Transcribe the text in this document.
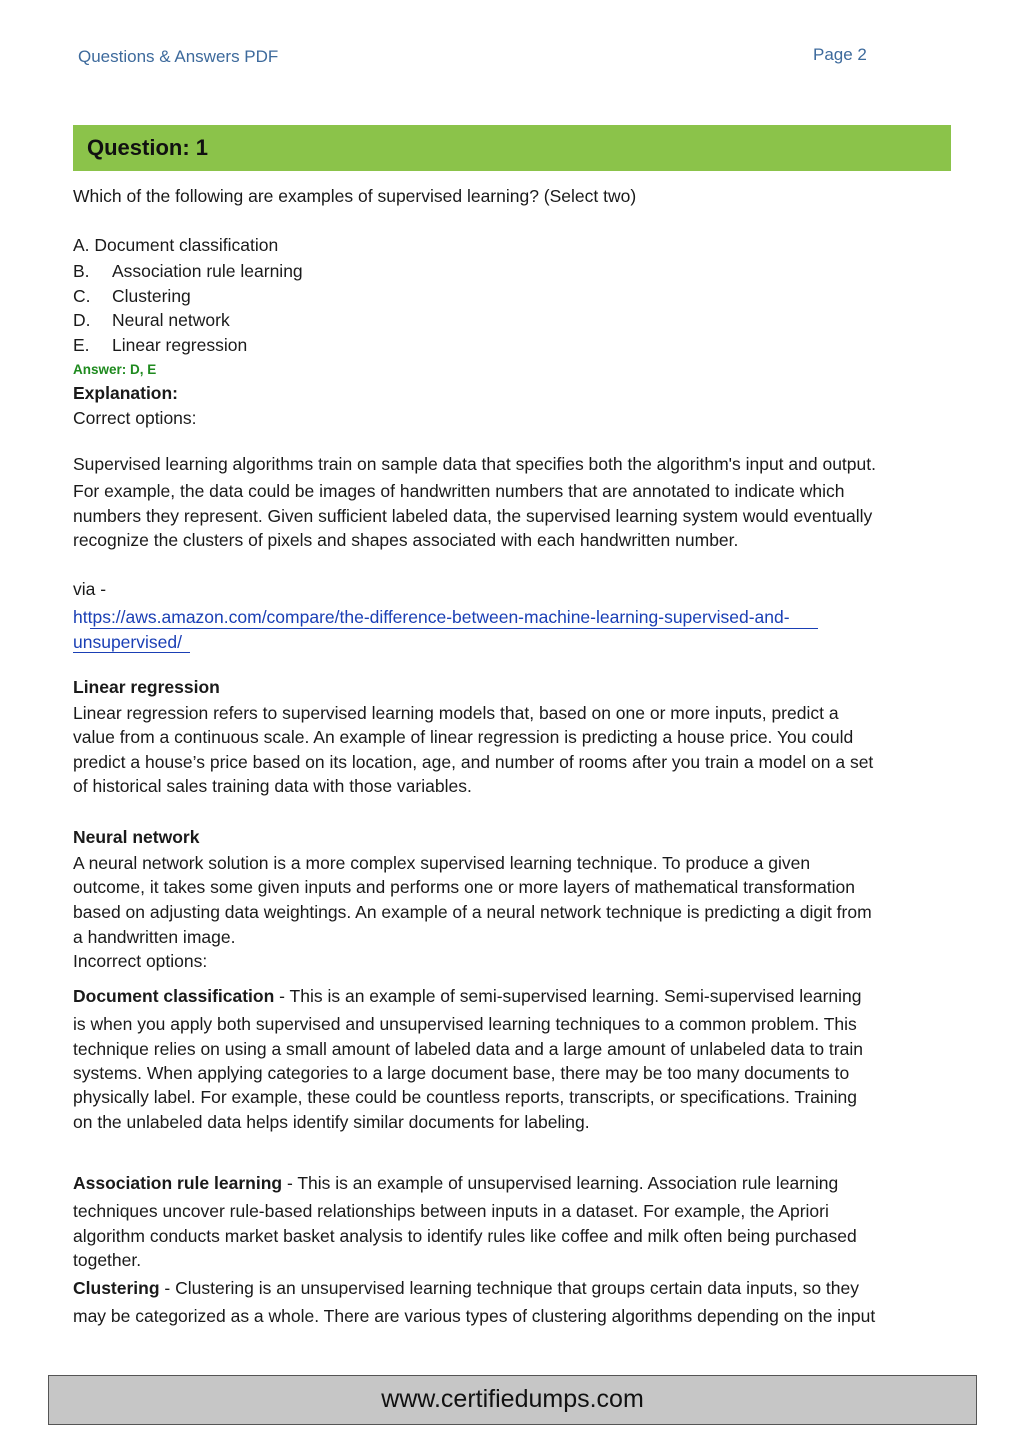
Questions & Answers PDF	Page 2
Question: 1
Which of the following are examples of supervised learning? (Select two)
A. Document classification
B. Association rule learning
C. Clustering
D. Neural network
E. Linear regression
Answer: D, E
Explanation:
Correct options:
Supervised learning algorithms train on sample data that specifies both the algorithm's input and output.
For example, the data could be images of handwritten numbers that are annotated to indicate which
numbers they represent. Given sufficient labeled data, the supervised learning system would eventually
recognize the clusters of pixels and shapes associated with each handwritten number.
via -
https://aws.amazon.com/compare/the-difference-between-machine-learning-supervised-and-
unsupervised/
Linear regression
Linear regression refers to supervised learning models that, based on one or more inputs, predict a
value from a continuous scale. An example of linear regression is predicting a house price. You could
predict a house’s price based on its location, age, and number of rooms after you train a model on a set
of historical sales training data with those variables.
Neural network
A neural network solution is a more complex supervised learning technique. To produce a given
outcome, it takes some given inputs and performs one or more layers of mathematical transformation
based on adjusting data weightings. An example of a neural network technique is predicting a digit from
a handwritten image.
Incorrect options:
Document classification - This is an example of semi-supervised learning. Semi-supervised learning
is when you apply both supervised and unsupervised learning techniques to a common problem. This
technique relies on using a small amount of labeled data and a large amount of unlabeled data to train
systems. When applying categories to a large document base, there may be too many documents to
physically label. For example, these could be countless reports, transcripts, or specifications. Training
on the unlabeled data helps identify similar documents for labeling.
Association rule learning - This is an example of unsupervised learning. Association rule learning
techniques uncover rule-based relationships between inputs in a dataset. For example, the Apriori
algorithm conducts market basket analysis to identify rules like coffee and milk often being purchased
together.
Clustering - Clustering is an unsupervised learning technique that groups certain data inputs, so they
may be categorized as a whole. There are various types of clustering algorithms depending on the input
www.certifiedumps.com
